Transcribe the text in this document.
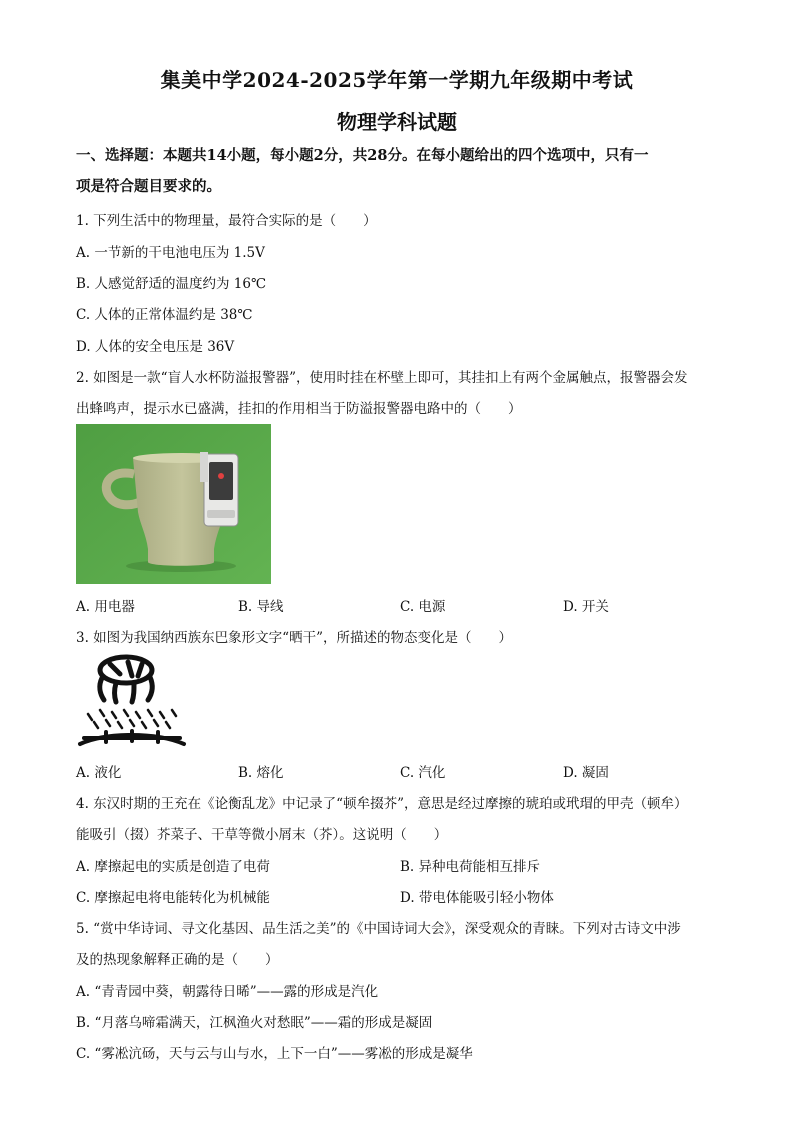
集美中学2024-2025学年第一学期九年级期中考试
物理学科试题
一、选择题：本题共14小题，每小题2分，共28分。在每小题给出的四个选项中，只有一
项是符合题目要求的。
1. 下列生活中的物理量，最符合实际的是（　　）
A. 一节新的干电池电压为 1.5V
B. 人感觉舒适的温度约为 16℃
C. 人体的正常体温约是 38℃
D. 人体的安全电压是 36V
2. 如图是一款“盲人水杯防溢报警器”，使用时挂在杯壁上即可，其挂扣上有两个金属触点，报警器会发
出蜂鸣声，提示水已盛满，挂扣的作用相当于防溢报警器电路中的（　　）
A. 用电器	B. 导线	C. 电源	D. 开关
3. 如图为我国纳西族东巴象形文字“晒干”，所描述的物态变化是（　　）
A. 液化	B. 熔化	C. 汽化	D. 凝固
4. 东汉时期的王充在《论衡乱龙》中记录了“顿牟掇芥”，意思是经过摩擦的琥珀或玳瑁的甲壳（顿牟）
能吸引（掇）芥菜子、干草等微小屑末（芥）。这说明（　　）
A. 摩擦起电的实质是创造了电荷	B. 异种电荷能相互排斥
C. 摩擦起电将电能转化为机械能	D. 带电体能吸引轻小物体
5. “赏中华诗词、寻文化基因、品生活之美”的《中国诗词大会》，深受观众的青睐。下列对古诗文中涉
及的热现象解释正确的是（　　）
A. “青青园中葵，朝露待日晞”——露的形成是汽化
B. “月落乌啼霜满天，江枫渔火对愁眠”——霜的形成是凝固
C. “雾凇沆砀，天与云与山与水，上下一白”——雾凇的形成是凝华
